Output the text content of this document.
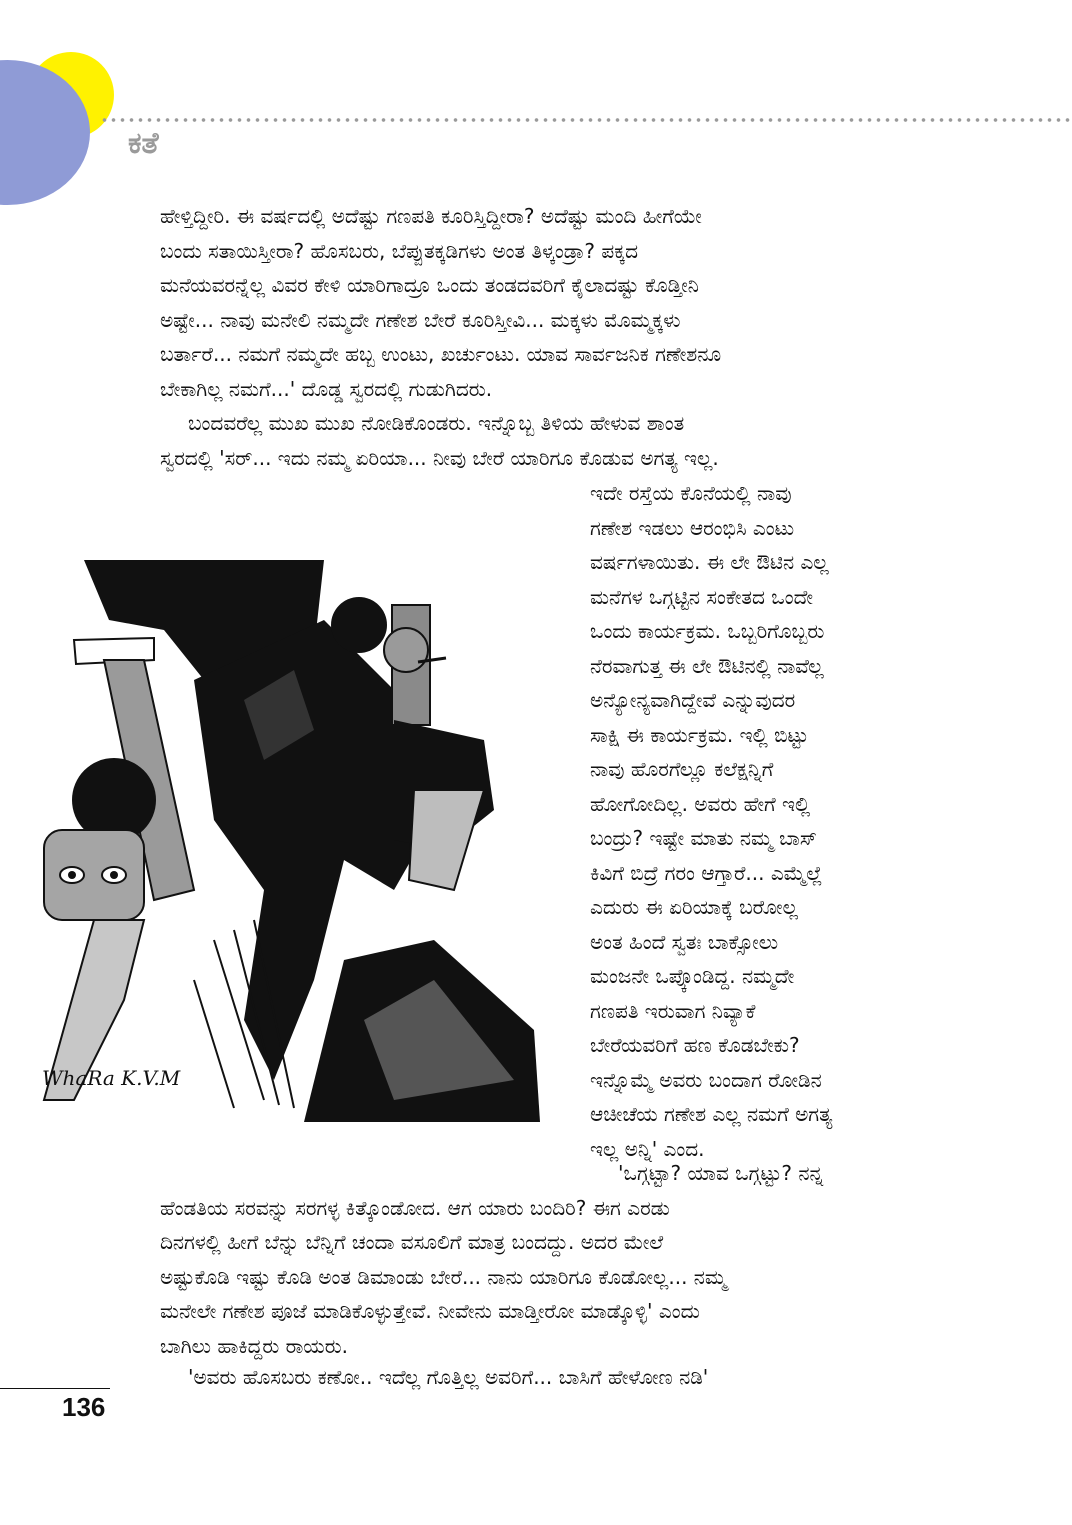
ಕತೆ
ಹೇಳ್ತಿದ್ದೀರಿ. ಈ ವರ್ಷದಲ್ಲಿ ಅದೆಷ್ಟು ಗಣಪತಿ ಕೂರಿಸ್ತಿದ್ದೀರಾ? ಅದೆಷ್ಟು ಮಂದಿ ಹೀಗೆಯೇ
ಬಂದು ಸತಾಯಿಸ್ತೀರಾ? ಹೊಸಬರು, ಬೆಪ್ಪುತಕ್ಕಡಿಗಳು ಅಂತ ತಿಳ್ಕಂಡ್ರಾ? ಪಕ್ಕದ
ಮನೆಯವರನ್ನೆಲ್ಲ ವಿವರ ಕೇಳಿ ಯಾರಿಗಾದ್ರೂ ಒಂದು ತಂಡದವರಿಗೆ ಕೈಲಾದಷ್ಟು ಕೊಡ್ತೀನಿ
ಅಷ್ಟೇ... ನಾವು ಮನೇಲಿ ನಮ್ಮದೇ ಗಣೇಶ ಬೇರೆ ಕೂರಿಸ್ತೀವಿ... ಮಕ್ಕಳು ಮೊಮ್ಮಕ್ಕಳು
ಬರ್ತಾರೆ... ನಮಗೆ ನಮ್ಮದೇ ಹಬ್ಬ ಉಂಟು, ಖರ್ಚುಂಟು. ಯಾವ ಸಾರ್ವಜನಿಕ ಗಣೇಶನೂ
ಬೇಕಾಗಿಲ್ಲ ನಮಗೆ...' ದೊಡ್ಡ ಸ್ವರದಲ್ಲಿ ಗುಡುಗಿದರು.
ಬಂದವರೆಲ್ಲ ಮುಖ ಮುಖ ನೋಡಿಕೊಂಡರು. ಇನ್ನೊಬ್ಬ ತಿಳಿಯ ಹೇಳುವ ಶಾಂತ
ಸ್ವರದಲ್ಲಿ 'ಸರ್... ಇದು ನಮ್ಮ ಏರಿಯಾ... ನೀವು ಬೇರೆ ಯಾರಿಗೂ ಕೊಡುವ ಅಗತ್ಯ ಇಲ್ಲ.
ಇದೇ ರಸ್ತೆಯ ಕೊನೆಯಲ್ಲಿ ನಾವು
ಗಣೇಶ ಇಡಲು ಆರಂಭಿಸಿ ಎಂಟು
ವರ್ಷಗಳಾಯಿತು. ಈ ಲೇ ಔಟಿನ ಎಲ್ಲ
ಮನೆಗಳ ಒಗ್ಗಟ್ಟಿನ ಸಂಕೇತದ ಒಂದೇ
ಒಂದು ಕಾರ್ಯಕ್ರಮ. ಒಬ್ಬರಿಗೊಬ್ಬರು
ನೆರವಾಗುತ್ತ ಈ ಲೇ ಔಟಿನಲ್ಲಿ ನಾವೆಲ್ಲ
ಅನ್ಯೋನ್ಯವಾಗಿದ್ದೇವೆ ಎನ್ನುವುದರ
ಸಾಕ್ಷಿ ಈ ಕಾರ್ಯಕ್ರಮ. ಇಲ್ಲಿ ಬಿಟ್ಟು
ನಾವು ಹೊರಗೆಲ್ಲೂ ಕಲೆಕ್ಷನ್ನಿಗೆ
ಹೋಗೋದಿಲ್ಲ. ಅವರು ಹೇಗೆ ಇಲ್ಲಿ
ಬಂದ್ರು? ಇಷ್ಟೇ ಮಾತು ನಮ್ಮ ಬಾಸ್
ಕಿವಿಗೆ ಬಿದ್ರೆ ಗರಂ ಆಗ್ತಾರೆ... ಎಮ್ಮೆಲ್ಲೆ
ಎದುರು ಈ ಏರಿಯಾಕ್ಕೆ ಬರೋಲ್ಲ
ಅಂತ ಹಿಂದೆ ಸ್ವತಃ ಬಾಕ್ಸೋಲು
ಮಂಜನೇ ಒಪ್ಕೊಂಡಿದ್ದ. ನಮ್ಮದೇ
ಗಣಪತಿ ಇರುವಾಗ ನಿವ್ಯಾಕೆ
ಬೇರೆಯವರಿಗೆ ಹಣ ಕೊಡಬೇಕು?
ಇನ್ನೊಮ್ಮೆ ಅವರು ಬಂದಾಗ ರೋಡಿನ
ಆಚೀಚೆಯ ಗಣೇಶ ಎಲ್ಲ ನಮಗೆ ಅಗತ್ಯ
ಇಲ್ಲ ಅನ್ನಿ' ಎಂದ.
WhaRa K.V.M
'ಒಗ್ಗಟ್ಟಾ? ಯಾವ ಒಗ್ಗಟ್ಟು? ನನ್ನ
ಹೆಂಡತಿಯ ಸರವನ್ನು ಸರಗಳ್ಳ ಕಿತ್ಕೊಂಡೋದ. ಆಗ ಯಾರು ಬಂದಿರಿ? ಈಗ ಎರಡು
ದಿನಗಳಲ್ಲಿ ಹೀಗೆ ಬೆನ್ನು ಬೆನ್ನಿಗೆ ಚಂದಾ ವಸೂಲಿಗೆ ಮಾತ್ರ ಬಂದದ್ದು. ಅದರ ಮೇಲೆ
ಅಷ್ಟುಕೊಡಿ ಇಷ್ಟು ಕೊಡಿ ಅಂತ ಡಿಮಾಂಡು ಬೇರೆ... ನಾನು ಯಾರಿಗೂ ಕೊಡೋಲ್ಲ... ನಮ್ಮ
ಮನೇಲೇ ಗಣೇಶ ಪೂಜೆ ಮಾಡಿಕೊಳ್ಳುತ್ತೇವೆ. ನೀವೇನು ಮಾಡ್ತೀರೋ ಮಾಡ್ಕೊಳ್ಳಿ' ಎಂದು
ಬಾಗಿಲು ಹಾಕಿದ್ದರು ರಾಯರು.
'ಅವರು ಹೊಸಬರು ಕಣೋ.. ಇದೆಲ್ಲ ಗೊತ್ತಿಲ್ಲ ಅವರಿಗೆ... ಬಾಸಿಗೆ ಹೇಳೋಣ ನಡಿ'
136
